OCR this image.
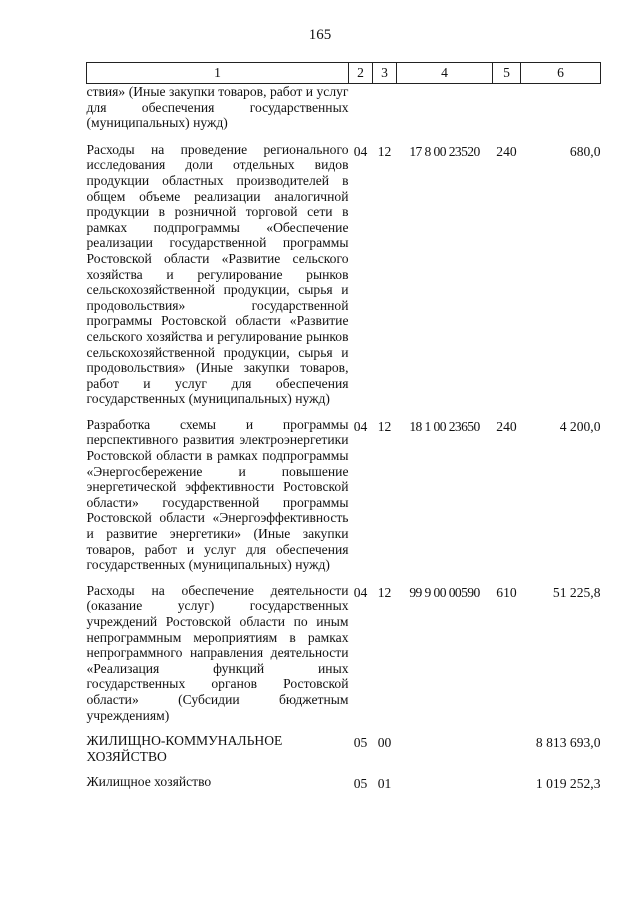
165
1	2	3	4	5	6
ствия» (Иные закупки товаров, работ и услуг для обеспечения государственных (муниципальных) нужд)					
Расходы на проведение регионального исследования доли отдельных видов продукции областных производителей в общем объеме реализации аналогичной продукции в розничной торговой сети в рамках подпрограммы «Обеспечение реализации государственной программы Ростовской области «Развитие сельского хозяйства и регулирование рынков сельскохозяйственной продукции, сырья и продовольствия» государственной программы Ростовской области «Развитие сельского хозяйства и регулирование рынков сельскохозяйственной продукции, сырья и продовольствия» (Иные закупки товаров, работ и услуг для обеспечения государственных (муниципальных) нужд)	04	12	17 8 00 23520	240	680,0
Разработка схемы и программы перспективного развития электроэнергетики Ростовской области в рамках подпрограммы «Энергосбережение и повышение энергетической эффективности Ростовской области» государственной программы Ростовской области «Энергоэффективность и развитие энергетики» (Иные закупки товаров, работ и услуг для обеспечения государственных (муниципальных) нужд)	04	12	18 1 00 23650	240	4 200,0
Расходы на обеспечение деятельности (оказание услуг) государственных учреждений Ростовской области по иным непрограммным мероприятиям в рамках непрограммного направления деятельности «Реализация функций иных государственных органов Ростовской области» (Субсидии бюджетным учреждениям)	04	12	99 9 00 00590	610	51 225,8
ЖИЛИЩНО-КОММУНАЛЬНОЕ ХОЗЯЙСТВО	05	00			8 813 693,0
Жилищное хозяйство	05	01			1 019 252,3
